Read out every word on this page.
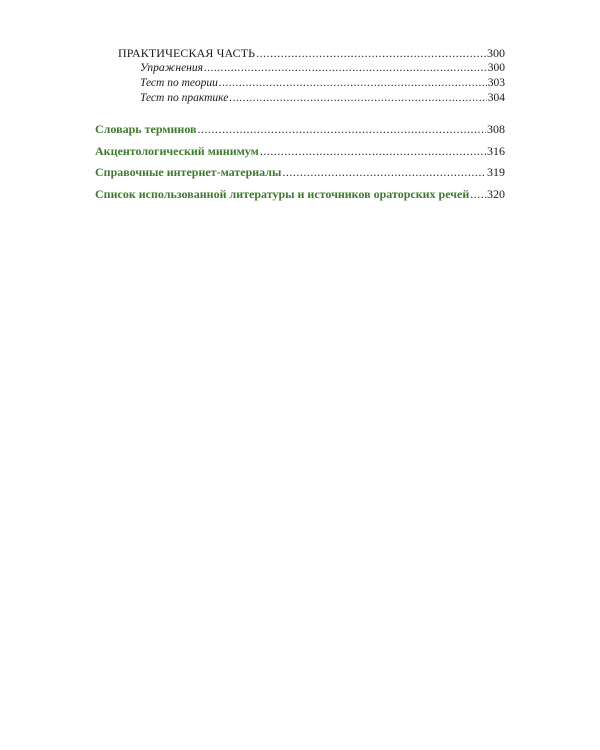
ПРАКТИЧЕСКАЯ ЧАСТЬ .....	300
Упражнения .....	300
Тест по теории .....	303
Тест по практике .....	304
Словарь терминов .....	308
Акцентологический минимум .....	316
Справочные интернет-материалы .....	319
Список использованной литературы и источников ораторских речей ..... 320
